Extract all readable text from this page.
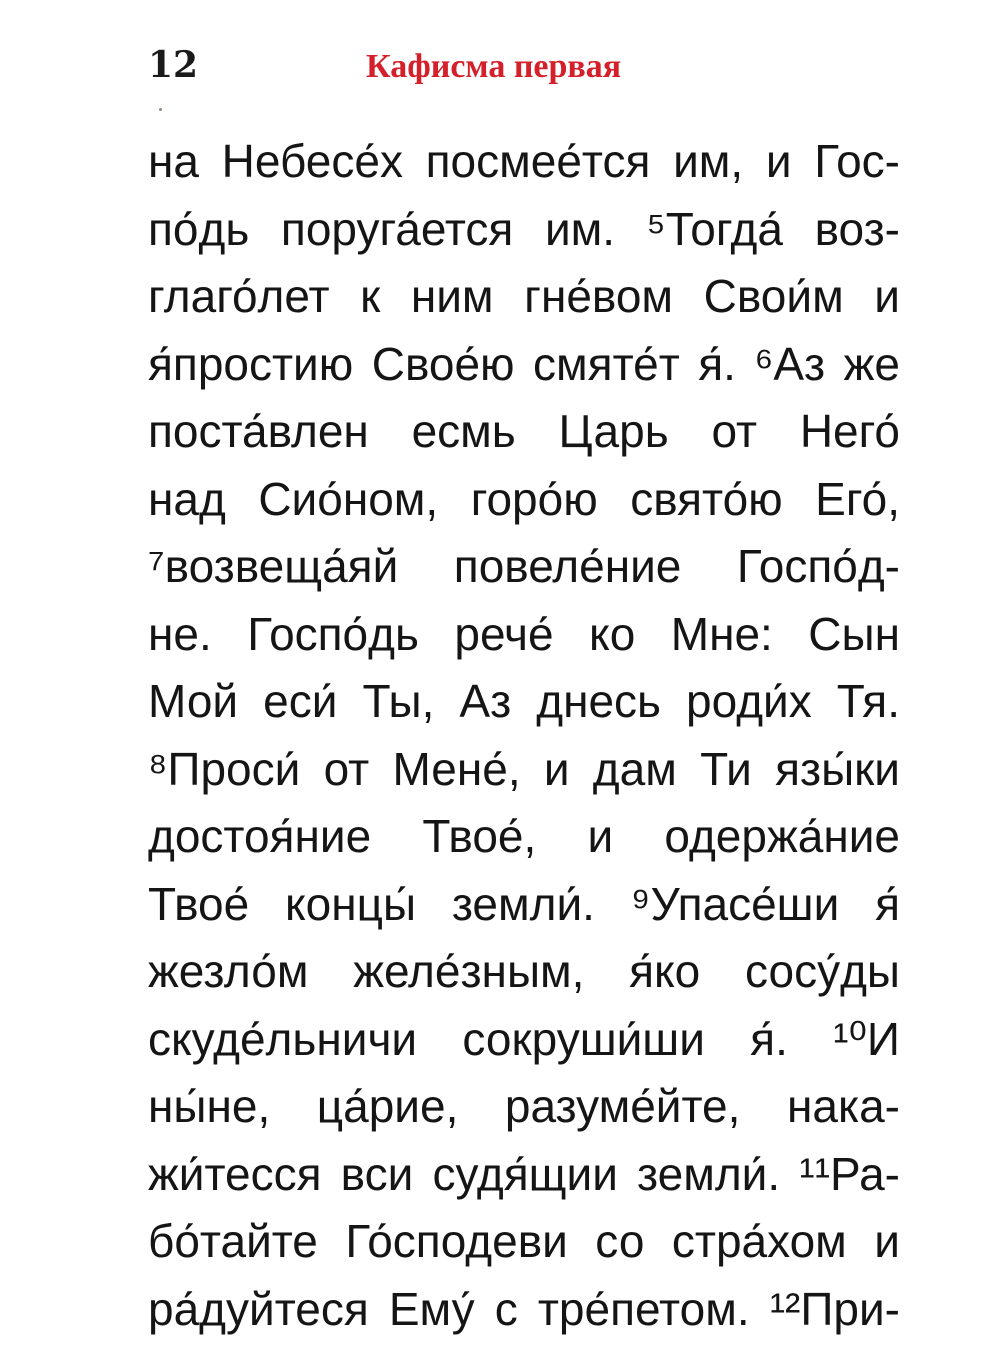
12	Кафисма первая
на Небесе́х посмее́тся им, и Гос-
по́дь поруга́ется им. ⁵Тогда́ воз-
глаго́лет к ним гне́вом Свои́м и
я́простию Свое́ю смяте́т я́. ⁶Аз же
поста́влен есмь Царь от Него́
над Сио́ном, горо́ю свято́ю Его́,
⁷возвеща́яй повеле́ние Госпо́д-
не. Госпо́дь рече́ ко Мне: Сын
Мой еси́ Ты, Аз днесь роди́х Тя.
⁸Проси́ от Мене́, и дам Ти язы́ки
достоя́ние Твое́, и одержа́ние
Твое́ концы́ земли́. ⁹Упасе́ши я́
жезло́м желе́зным, я́ко сосу́ды
скуде́льничи сокруши́ши я́. ¹⁰И
ны́не, ца́рие, разуме́йте, нака-
жи́тесся вси судя́щии земли́. ¹¹Ра-
бо́тайте Го́сподеви со стра́хом и
ра́дуйтеся Ему́ с тре́петом. ¹²При-
